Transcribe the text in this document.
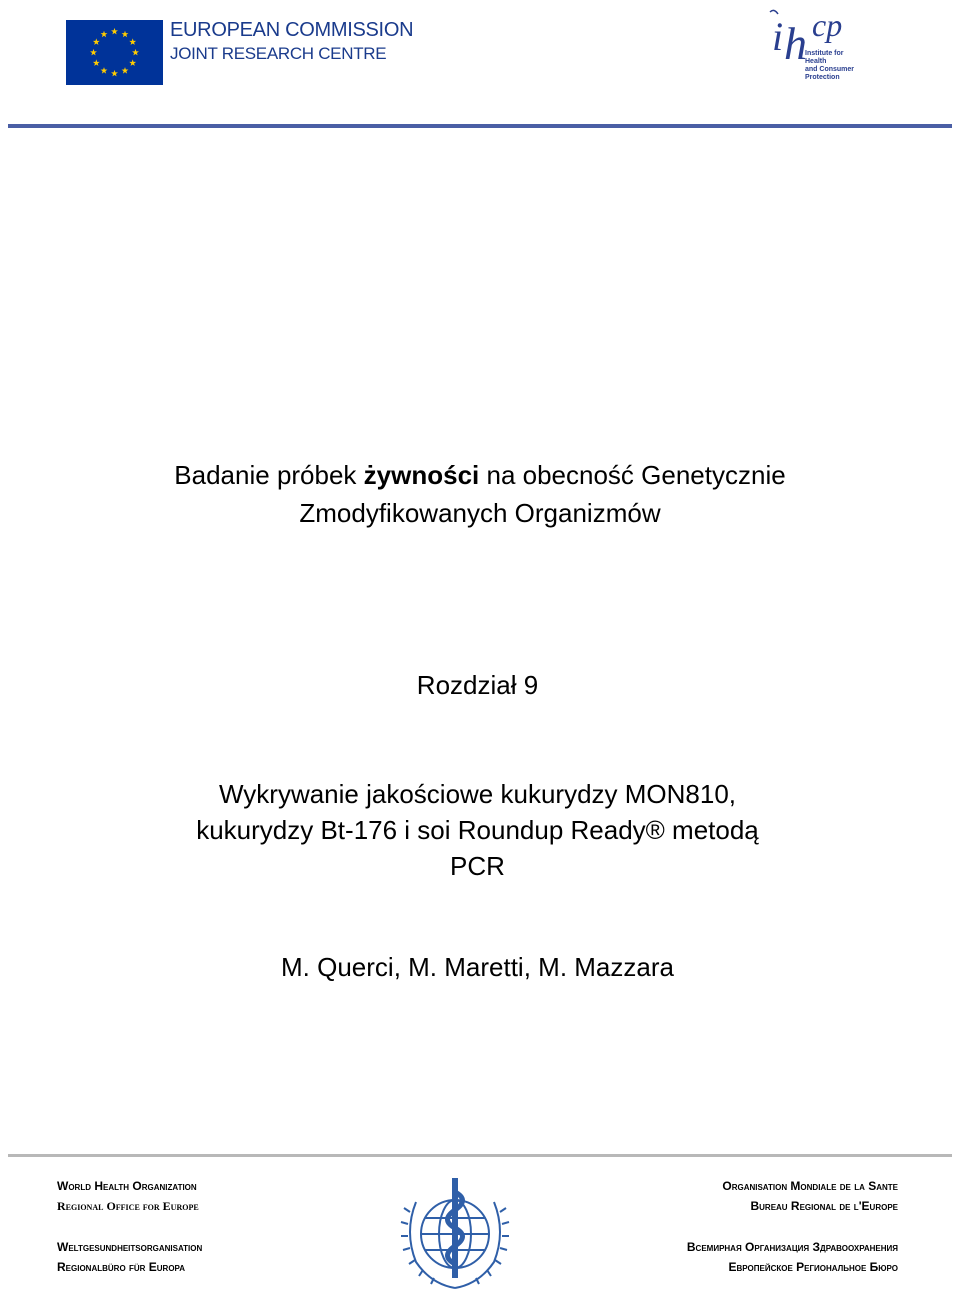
EUROPEAN COMMISSION
JOINT RESEARCH CENTRE	i h cp
Institute for Health
and Consumer Protection
Badanie próbek żywności na obecność Genetycznie
Zmodyfikowanych Organizmów
Rozdział 9
Wykrywanie jakościowe kukurydzy MON810,
kukurydzy Bt-176 i soi Roundup Ready® metodą
PCR
M. Querci, M. Maretti, M. Mazzara
World Health Organization
Regional Office for Europe
Weltgesundheitsorganisation
Regionalbüro für Europa
Organisation Mondiale de la Sante
Bureau Regional de l'Europe
Всемирная Организация Здравоохранения
Европейское Региональное Бюро
